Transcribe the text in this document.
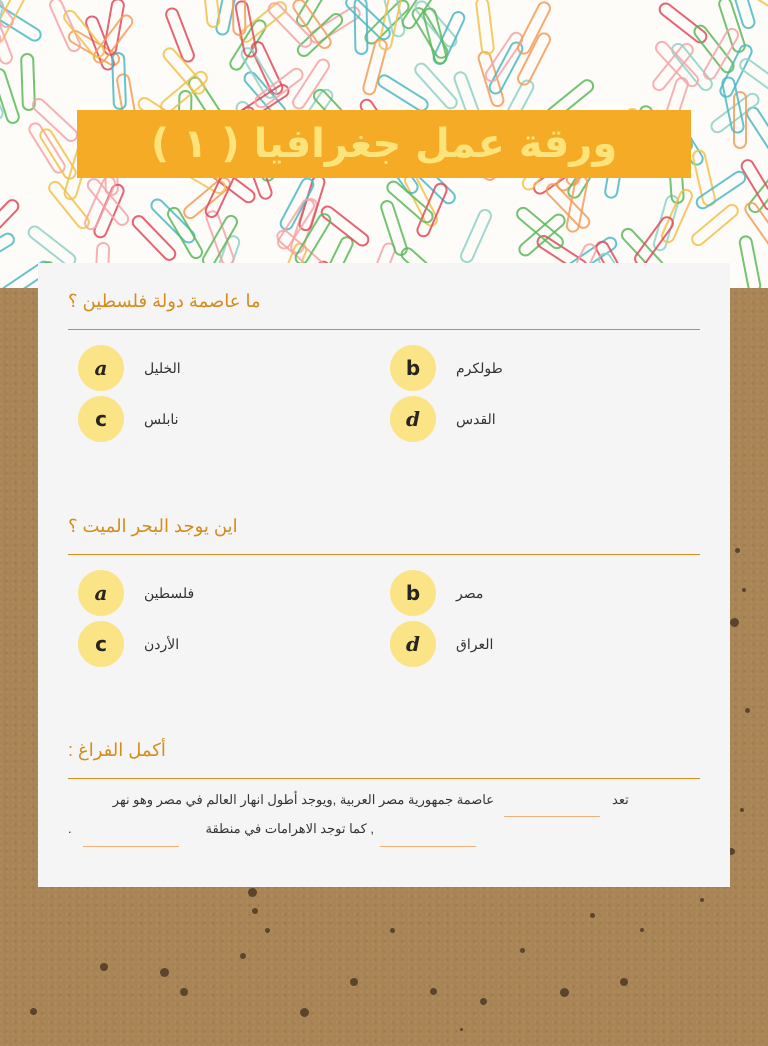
ورقة عمل جغرافيا ( ١ )
ما عاصمة دولة فلسطين ؟
a	الخليل	b	طولكرم
c	نابلس	d	القدس
اين يوجد البحر الميت ؟
a	فلسطين	b	مصر
c	الأردن	d	العراق
أكمل الفراغ :
تعد
عاصمة جمهورية مصر العربية ,ويوجد أطول انهار العالم في مصر وهو نهر
, كما توجد الاهرامات في منطقة
.
